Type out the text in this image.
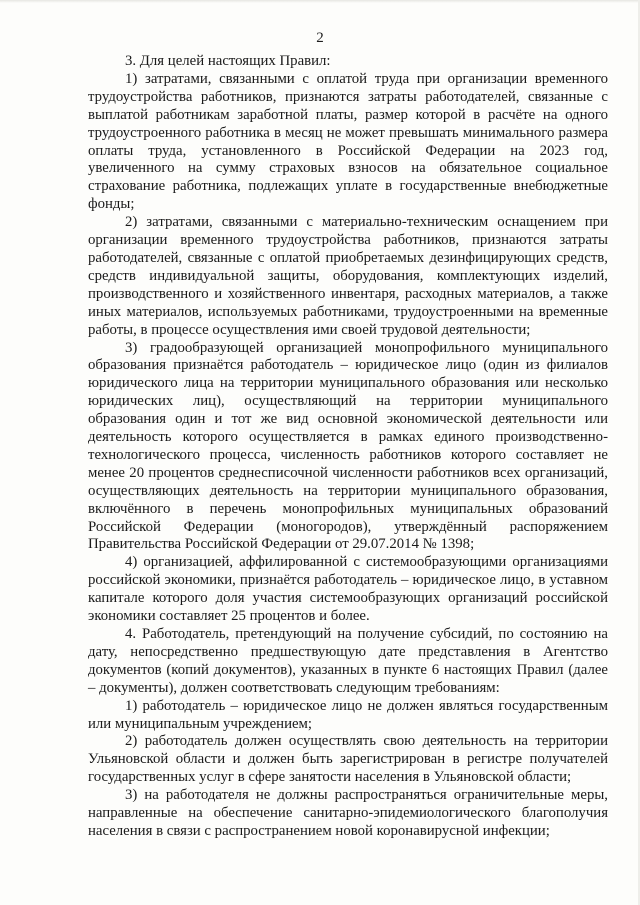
2

3. Для целей настоящих Правил:

1) затратами, связанными с оплатой труда при организации временного трудоустройства работников, признаются затраты работодателей, связанные с выплатой работникам заработной платы, размер которой в расчёте на одного трудоустроенного работника в месяц не может превышать минимального размера оплаты труда, установленного в Российской Федерации на 2023 год, увеличенного на сумму страховых взносов на обязательное социальное страхование работника, подлежащих уплате в государственные внебюджетные фонды;

2) затратами, связанными с материально-техническим оснащением при организации временного трудоустройства работников, признаются затраты работодателей, связанные с оплатой приобретаемых дезинфицирующих средств, средств индивидуальной защиты, оборудования, комплектующих изделий, производственного и хозяйственного инвентаря, расходных материалов, а также иных материалов, используемых работниками, трудоустроенными на временные работы, в процессе осуществления ими своей трудовой деятельности;

3) градообразующей организацией монопрофильного муниципального образования признаётся работодатель – юридическое лицо (один из филиалов юридического лица на территории муниципального образования или несколько юридических лиц), осуществляющий на территории муниципального образования один и тот же вид основной экономической деятельности или деятельность которого осуществляется в рамках единого производственно-технологического процесса, численность работников которого составляет не менее 20 процентов среднесписочной численности работников всех организаций, осуществляющих деятельность на территории муниципального образования, включённого в перечень монопрофильных муниципальных образований Российской Федерации (моногородов), утверждённый распоряжением Правительства Российской Федерации от 29.07.2014 № 1398;

4) организацией, аффилированной с системообразующими организациями российской экономики, признаётся работодатель – юридическое лицо, в уставном капитале которого доля участия системообразующих организаций российской экономики составляет 25 процентов и более.

4. Работодатель, претендующий на получение субсидий, по состоянию на дату, непосредственно предшествующую дате представления в Агентство документов (копий документов), указанных в пункте 6 настоящих Правил (далее – документы), должен соответствовать следующим требованиям:

1) работодатель – юридическое лицо не должен являться государственным или муниципальным учреждением;

2) работодатель должен осуществлять свою деятельность на территории Ульяновской области и должен быть зарегистрирован в регистре получателей государственных услуг в сфере занятости населения в Ульяновской области;

3) на работодателя не должны распространяться ограничительные меры, направленные на обеспечение санитарно-эпидемиологического благополучия населения в связи с распространением новой коронавирусной инфекции;
